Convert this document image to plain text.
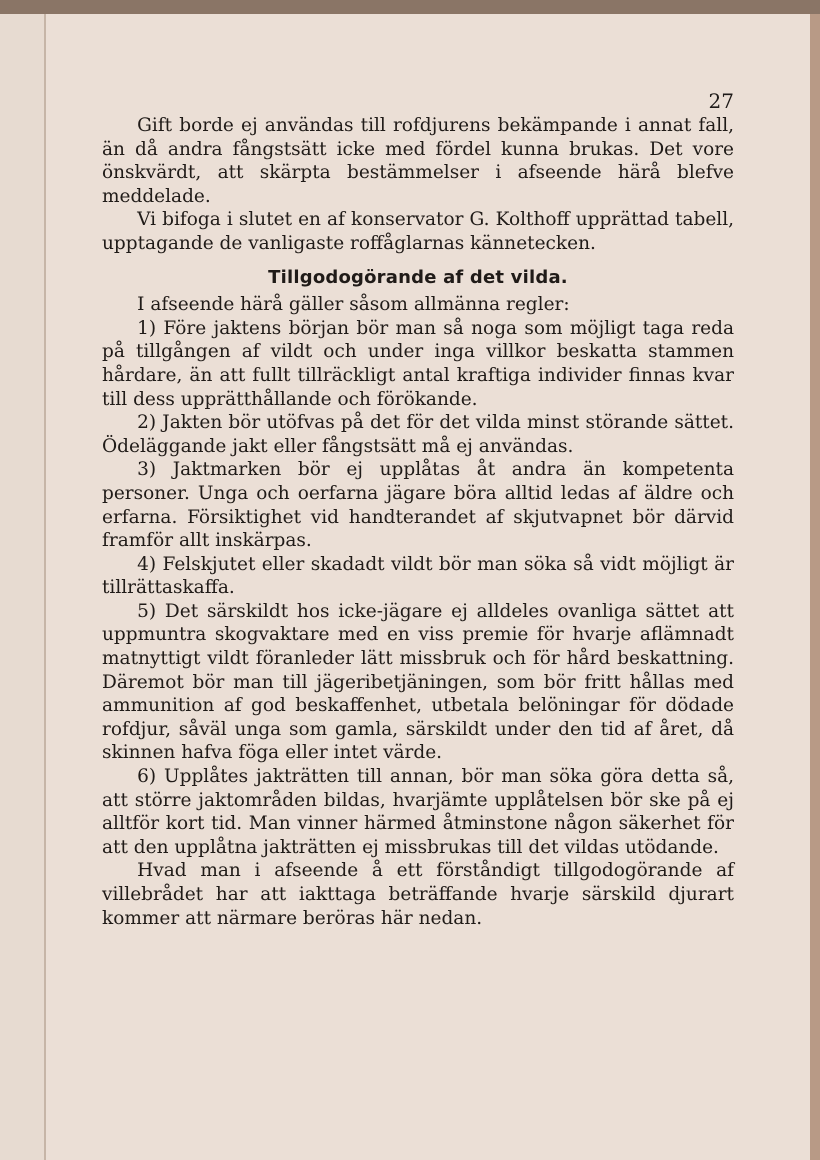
27

Gift borde ej användas till rofdjurens bekämpande i annat fall, än då andra fångstsätt icke med fördel kunna brukas. Det vore önskvärdt, att skärpta bestämmelser i afseende härå blefve meddelade.

Vi bifoga i slutet en af konservator G. Kolthoff upprättad tabell, upptagande de vanligaste roffåglarnas kännetecken.

Tillgodogörande af det vilda.

I afseende härå gäller såsom allmänna regler:

1) Före jaktens början bör man så noga som möjligt taga reda på tillgången af vildt och under inga villkor beskatta stammen hårdare, än att fullt tillräckligt antal kraftiga individer finnas kvar till dess upprätthållande och förökande.

2) Jakten bör utöfvas på det för det vilda minst störande sättet. Ödeläggande jakt eller fångstsätt må ej användas.

3) Jaktmarken bör ej upplåtas åt andra än kompetenta personer. Unga och oerfarna jägare böra alltid ledas af äldre och erfarna. Försiktighet vid handterandet af skjutvapnet bör därvid framför allt inskärpas.

4) Felskjutet eller skadadt vildt bör man söka så vidt möjligt är tillrättaskaffa.

5) Det särskildt hos icke-jägare ej alldeles ovanliga sättet att uppmuntra skogvaktare med en viss premie för hvarje aflämnadt matnyttigt vildt föranleder lätt missbruk och för hård beskattning. Däremot bör man till jägeribetjäningen, som bör fritt hållas med ammunition af god beskaffenhet, utbetala belöningar för dödade rofdjur, såväl unga som gamla, särskildt under den tid af året, då skinnen hafva föga eller intet värde.

6) Upplåtes jakträtten till annan, bör man söka göra detta så, att större jaktområden bildas, hvarjämte upplåtelsen bör ske på ej alltför kort tid. Man vinner härmed åtminstone någon säkerhet för att den upplåtna jakträtten ej missbrukas till det vildas utödande.

Hvad man i afseende å ett förståndigt tillgodogörande af villebrådet har att iakttaga beträffande hvarje särskild djurart kommer att närmare beröras här nedan.
